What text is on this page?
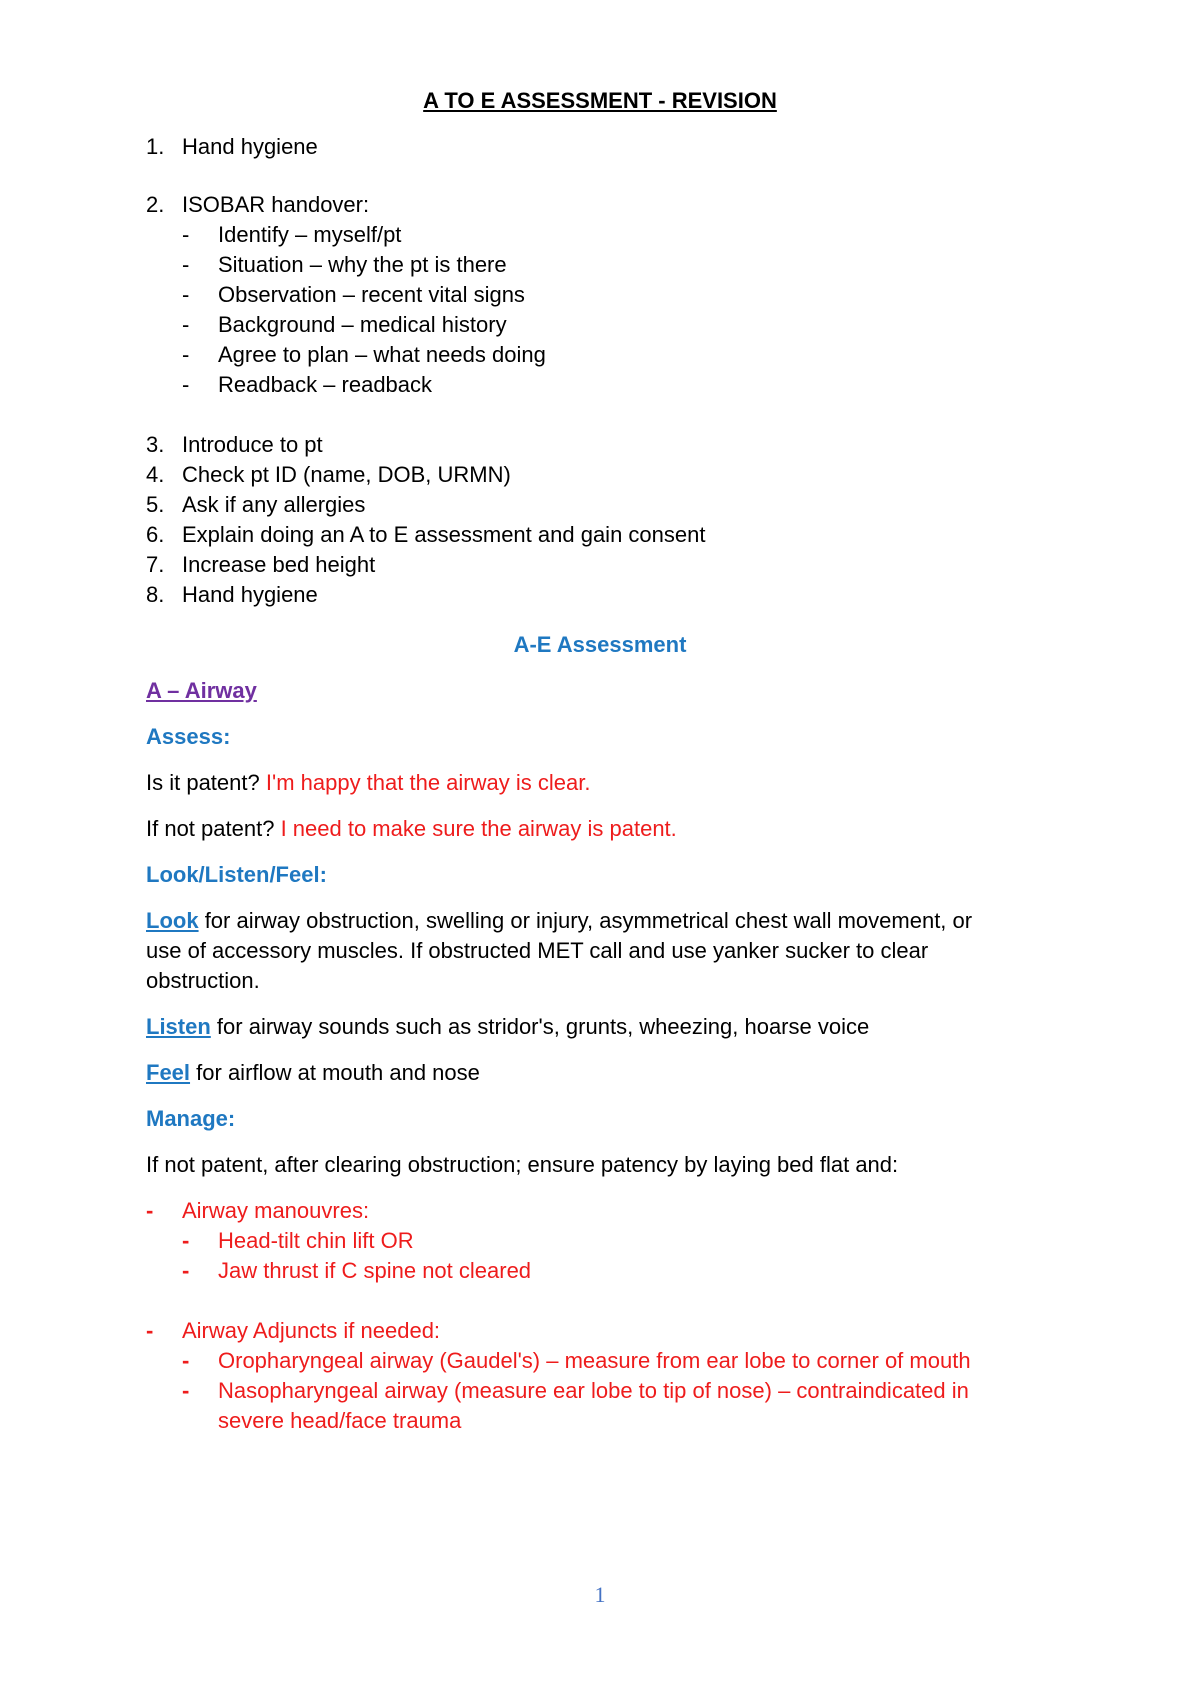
A TO E ASSESSMENT - REVISION
1. Hand hygiene
2. ISOBAR handover:
- Identify – myself/pt
- Situation – why the pt is there
- Observation – recent vital signs
- Background – medical history
- Agree to plan – what needs doing
- Readback – readback
3. Introduce to pt
4. Check pt ID (name, DOB, URMN)
5. Ask if any allergies
6. Explain doing an A to E assessment and gain consent
7. Increase bed height
8. Hand hygiene
A-E Assessment
A – Airway
Assess:
Is it patent? I'm happy that the airway is clear.
If not patent? I need to make sure the airway is patent.
Look/Listen/Feel:
Look for airway obstruction, swelling or injury, asymmetrical chest wall movement, or
use of accessory muscles. If obstructed MET call and use yanker sucker to clear
obstruction.
Listen for airway sounds such as stridor's, grunts, wheezing, hoarse voice
Feel for airflow at mouth and nose
Manage:
If not patent, after clearing obstruction; ensure patency by laying bed flat and:
- Airway manouvres:
- Head-tilt chin lift OR
- Jaw thrust if C spine not cleared
- Airway Adjuncts if needed:
- Oropharyngeal airway (Gaudel's) – measure from ear lobe to corner of mouth
- Nasopharyngeal airway (measure ear lobe to tip of nose) – contraindicated in
severe head/face trauma
1
